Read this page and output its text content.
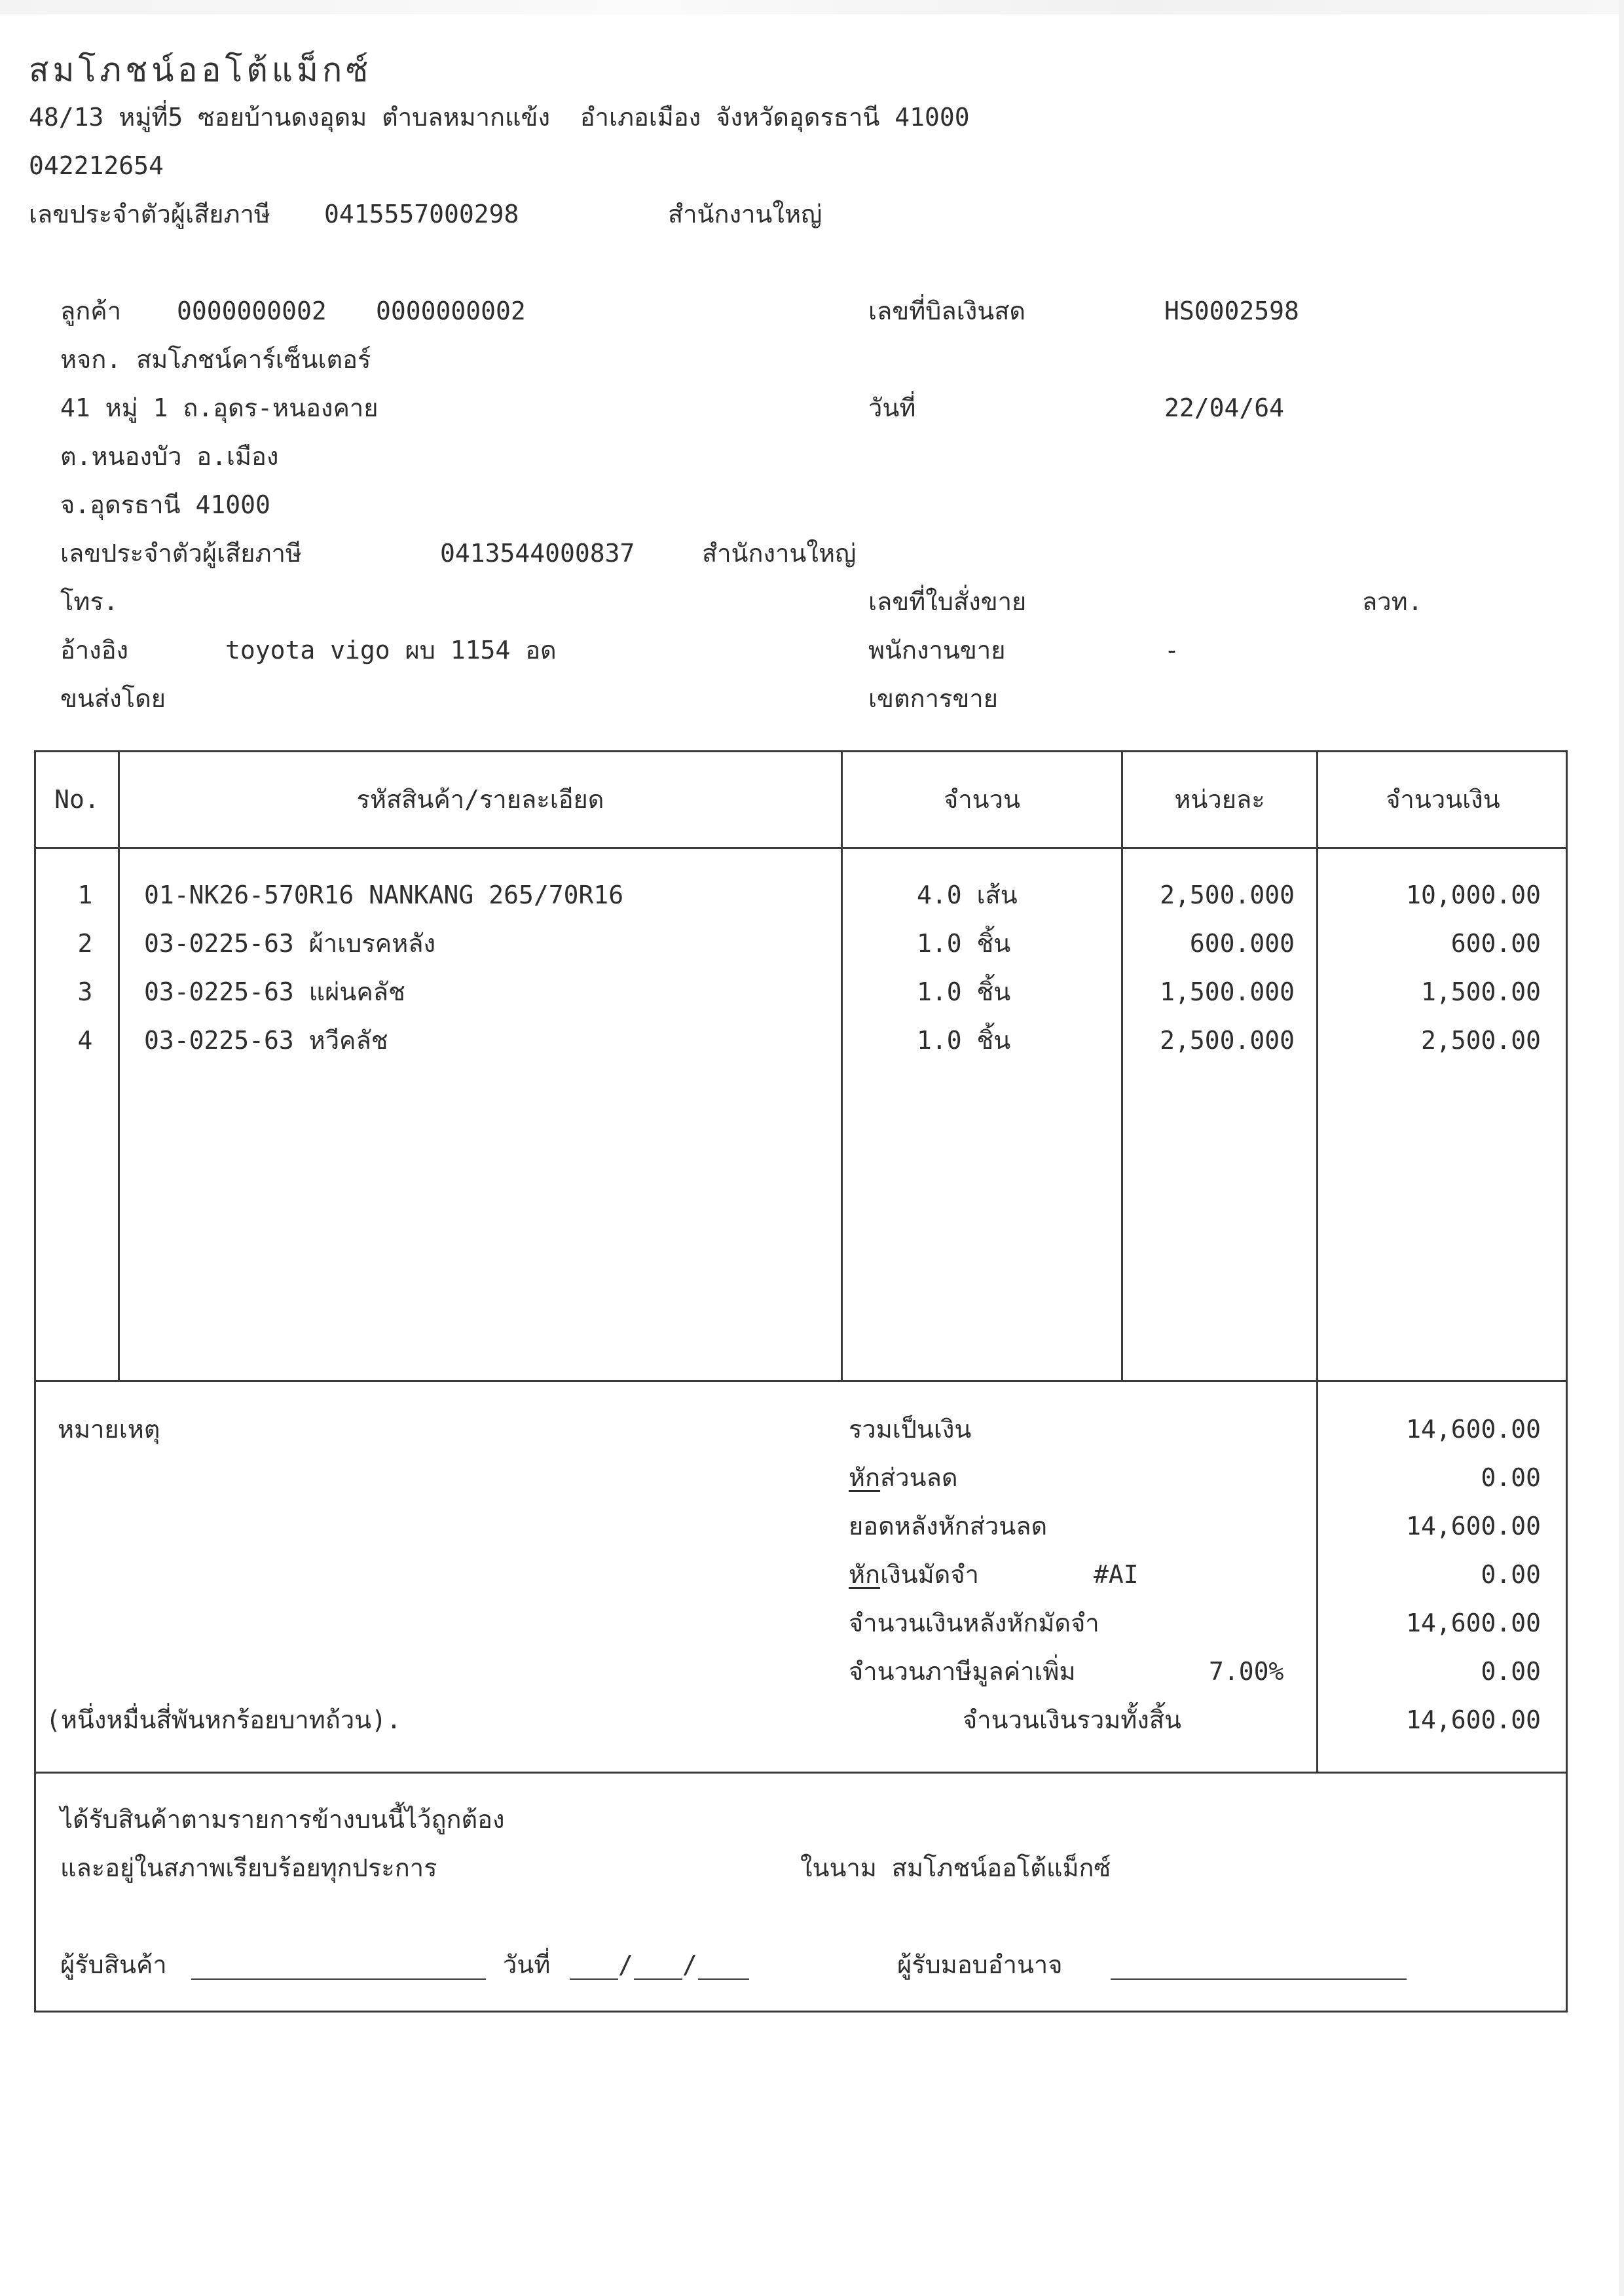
สมโภชน์ออโต้แม็กซ์
48/13 หมู่ที่5 ซอยบ้านดงอุดม ตำบลหมากแข้ง  อำเภอเมือง จังหวัดอุดรธานี 41000
042212654
เลขประจำตัวผู้เสียภาษี 0415557000298	สำนักงานใหญ่
ลูกค้า 0000000002 0000000002
หจก. สมโภชน์คาร์เซ็นเตอร์
41 หมู่ 1 ถ.อุดร-หนองคาย
ต.หนองบัว อ.เมือง
จ.อุดรธานี 41000
เลขประจำตัวผู้เสียภาษี	0413544000837	สำนักงานใหญ่
โทร.
อ้างอิง	toyota vigo ผบ 1154 อด
ขนส่งโดย
เลขที่บิลเงินสด	HS0002598
วันที่	22/04/64
เลขที่ใบสั่งขาย	ลวท.
พนักงานขาย	-
เขตการขาย
No.	รหัสสินค้า/รายละเอียด	จำนวน	หน่วยละ	จำนวนเงิน
1	01-NK26-570R16 NANKANG 265/70R16	4.0 เส้น	2,500.000	10,000.00
2	03-0225-63 ผ้าเบรคหลัง	1.0 ชิ้น	600.000	600.00
3	03-0225-63 แผ่นคลัช	1.0 ชิ้น	1,500.000	1,500.00
4	03-0225-63 หวีคลัช	1.0 ชิ้น	2,500.000	2,500.00
หมายเหตุ	รวมเป็นเงิน	14,600.00
หักส่วนลด	0.00
ยอดหลังหักส่วนลด	14,600.00
หักเงินมัดจำ	#AI	0.00
จำนวนเงินหลังหักมัดจำ	14,600.00
จำนวนภาษีมูลค่าเพิ่ม	7.00%	0.00
(หนึ่งหมื่นสี่พันหกร้อยบาทถ้วน).	จำนวนเงินรวมทั้งสิ้น	14,600.00
ได้รับสินค้าตามรายการข้างบนนี้ไว้ถูกต้อง
และอยู่ในสภาพเรียบร้อยทุกประการ	ในนาม สมโภชน์ออโต้แม็กซ์
ผู้รับสินค้า	วันที่	/ /	ผู้รับมอบอำนาจ
